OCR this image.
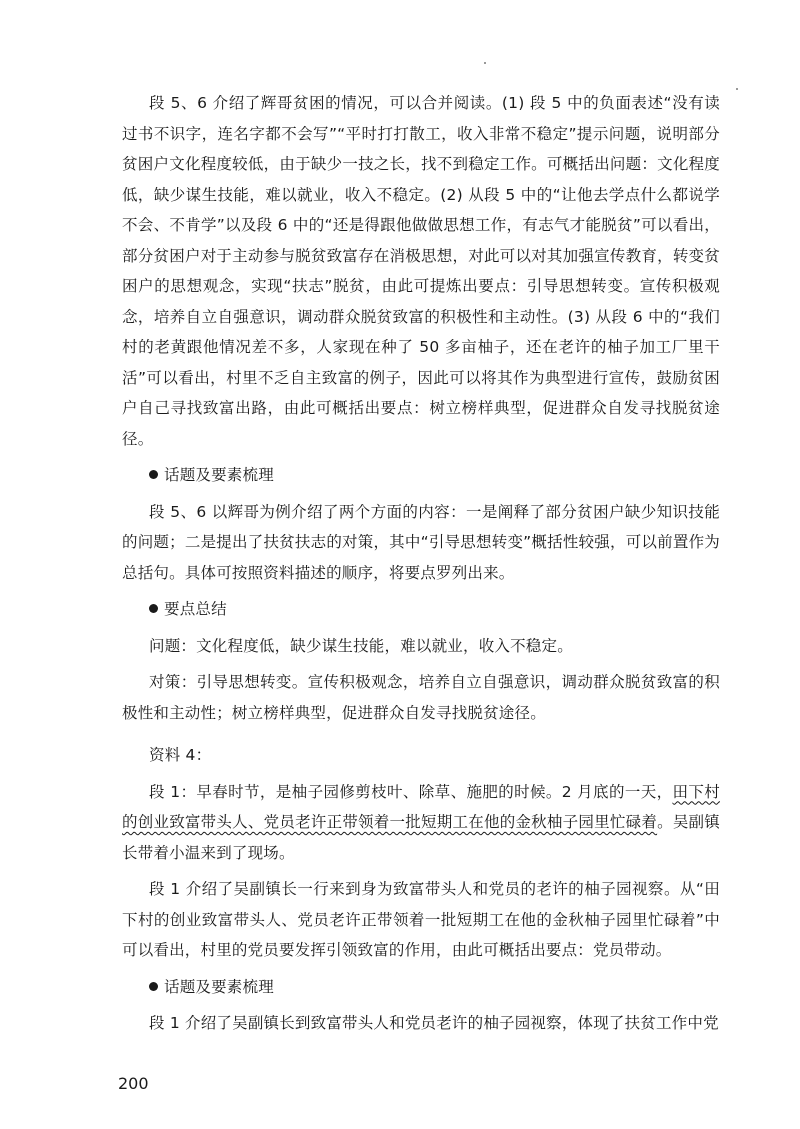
段 5、6 介绍了辉哥贫困的情况，可以合并阅读。(1) 段 5 中的负面表述“没有读过书不识字，连名字都不会写”“平时打打散工，收入非常不稳定”提示问题，说明部分贫困户文化程度较低，由于缺少一技之长，找不到稳定工作。可概括出问题：文化程度低，缺少谋生技能，难以就业，收入不稳定。(2) 从段 5 中的“让他去学点什么都说学不会、不肯学”以及段 6 中的“还是得跟他做做思想工作，有志气才能脱贫”可以看出，部分贫困户对于主动参与脱贫致富存在消极思想，对此可以对其加强宣传教育，转变贫困户的思想观念，实现“扶志”脱贫，由此可提炼出要点：引导思想转变。宣传积极观念，培养自立自强意识，调动群众脱贫致富的积极性和主动性。(3) 从段 6 中的“我们村的老黄跟他情况差不多，人家现在种了 50 多亩柚子，还在老许的柚子加工厂里干活”可以看出，村里不乏自主致富的例子，因此可以将其作为典型进行宣传，鼓励贫困户自己寻找致富出路，由此可概括出要点：树立榜样典型，促进群众自发寻找脱贫途径。

话题及要素梳理

段 5、6 以辉哥为例介绍了两个方面的内容：一是阐释了部分贫困户缺少知识技能的问题；二是提出了扶贫扶志的对策，其中“引导思想转变”概括性较强，可以前置作为总括句。具体可按照资料描述的顺序，将要点罗列出来。

要点总结

问题：文化程度低，缺少谋生技能，难以就业，收入不稳定。

对策：引导思想转变。宣传积极观念，培养自立自强意识，调动群众脱贫致富的积极性和主动性；树立榜样典型，促进群众自发寻找脱贫途径。

资料 4：

段 1：早春时节，是柚子园修剪枝叶、除草、施肥的时候。2 月底的一天，田下村的创业致富带头人、党员老许正带领着一批短期工在他的金秋柚子园里忙碌着。吴副镇长带着小温来到了现场。

段 1 介绍了吴副镇长一行来到身为致富带头人和党员的老许的柚子园视察。从“田下村的创业致富带头人、党员老许正带领着一批短期工在他的金秋柚子园里忙碌着”中可以看出，村里的党员要发挥引领致富的作用，由此可概括出要点：党员带动。

话题及要素梳理

段 1 介绍了吴副镇长到致富带头人和党员老许的柚子园视察，体现了扶贫工作中党

200
